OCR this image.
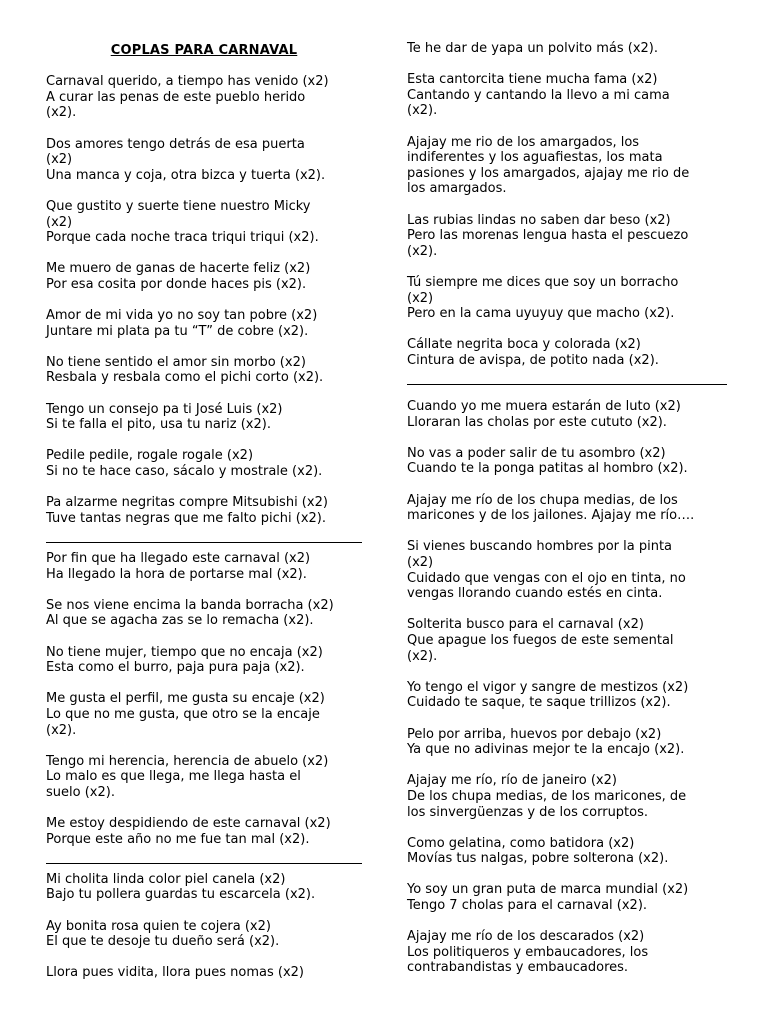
COPLAS PARA CARNAVAL
Carnaval querido, a tiempo has venido (x2)
A curar las penas de este pueblo herido
(x2).
Dos amores tengo detrás de esa puerta
(x2)
Una manca y coja, otra bizca y tuerta (x2).
Que gustito y suerte tiene nuestro Micky
(x2)
Porque cada noche traca triqui triqui (x2).
Me muero de ganas de hacerte feliz (x2)
Por esa cosita por donde haces pis (x2).
Amor de mi vida yo no soy tan pobre (x2)
Juntare mi plata pa tu “T” de cobre (x2).
No tiene sentido el amor sin morbo (x2)
Resbala y resbala como el pichi corto (x2).
Tengo un consejo pa ti José Luis (x2)
Si te falla el pito, usa tu nariz (x2).
Pedile pedile, rogale rogale (x2)
Si no te hace caso, sácalo y mostrale (x2).
Pa alzarme negritas compre Mitsubishi (x2)
Tuve tantas negras que me falto pichi (x2).
Por fin que ha llegado este carnaval (x2)
Ha llegado la hora de portarse mal (x2).
Se nos viene encima la banda borracha (x2)
Al que se agacha zas se lo remacha (x2).
No tiene mujer, tiempo que no encaja (x2)
Esta como el burro, paja pura paja (x2).
Me gusta el perfil, me gusta su encaje (x2)
Lo que no me gusta, que otro se la encaje
(x2).
Tengo mi herencia, herencia de abuelo (x2)
Lo malo es que llega, me llega hasta el
suelo (x2).
Me estoy despidiendo de este carnaval (x2)
Porque este año no me fue tan mal (x2).
Mi cholita linda color piel canela (x2)
Bajo tu pollera guardas tu escarcela (x2).
Ay bonita rosa quien te cojera (x2)
El que te desoje tu dueño será (x2).
Llora pues vidita, llora pues nomas (x2)
Te he dar de yapa un polvito más (x2).
Esta cantorcita tiene mucha fama (x2)
Cantando y cantando la llevo a mi cama
(x2).
Ajajay me rio de los amargados, los
indiferentes y los aguafiestas, los mata
pasiones y los amargados, ajajay me rio de
los amargados.
Las rubias lindas no saben dar beso (x2)
Pero las morenas lengua hasta el pescuezo
(x2).
Tú siempre me dices que soy un borracho
(x2)
Pero en la cama uyuyuy que macho (x2).
Cállate negrita boca y colorada (x2)
Cintura de avispa, de potito nada (x2).
Cuando yo me muera estarán de luto (x2)
Lloraran las cholas por este cututo (x2).
No vas a poder salir de tu asombro (x2)
Cuando te la ponga patitas al hombro (x2).
Ajajay me río de los chupa medias, de los
maricones y de los jailones. Ajajay me río….
Si vienes buscando hombres por la pinta
(x2)
Cuidado que vengas con el ojo en tinta, no
vengas llorando cuando estés en cinta.
Solterita busco para el carnaval (x2)
Que apague los fuegos de este semental
(x2).
Yo tengo el vigor y sangre de mestizos (x2)
Cuidado te saque, te saque trillizos (x2).
Pelo por arriba, huevos por debajo (x2)
Ya que no adivinas mejor te la encajo (x2).
Ajajay me río, río de janeiro (x2)
De los chupa medias, de los maricones, de
los sinvergüenzas y de los corruptos.
Como gelatina, como batidora (x2)
Movías tus nalgas, pobre solterona (x2).
Yo soy un gran puta de marca mundial (x2)
Tengo 7 cholas para el carnaval (x2).
Ajajay me río de los descarados (x2)
Los politiqueros y embaucadores, los
contrabandistas y embaucadores.
